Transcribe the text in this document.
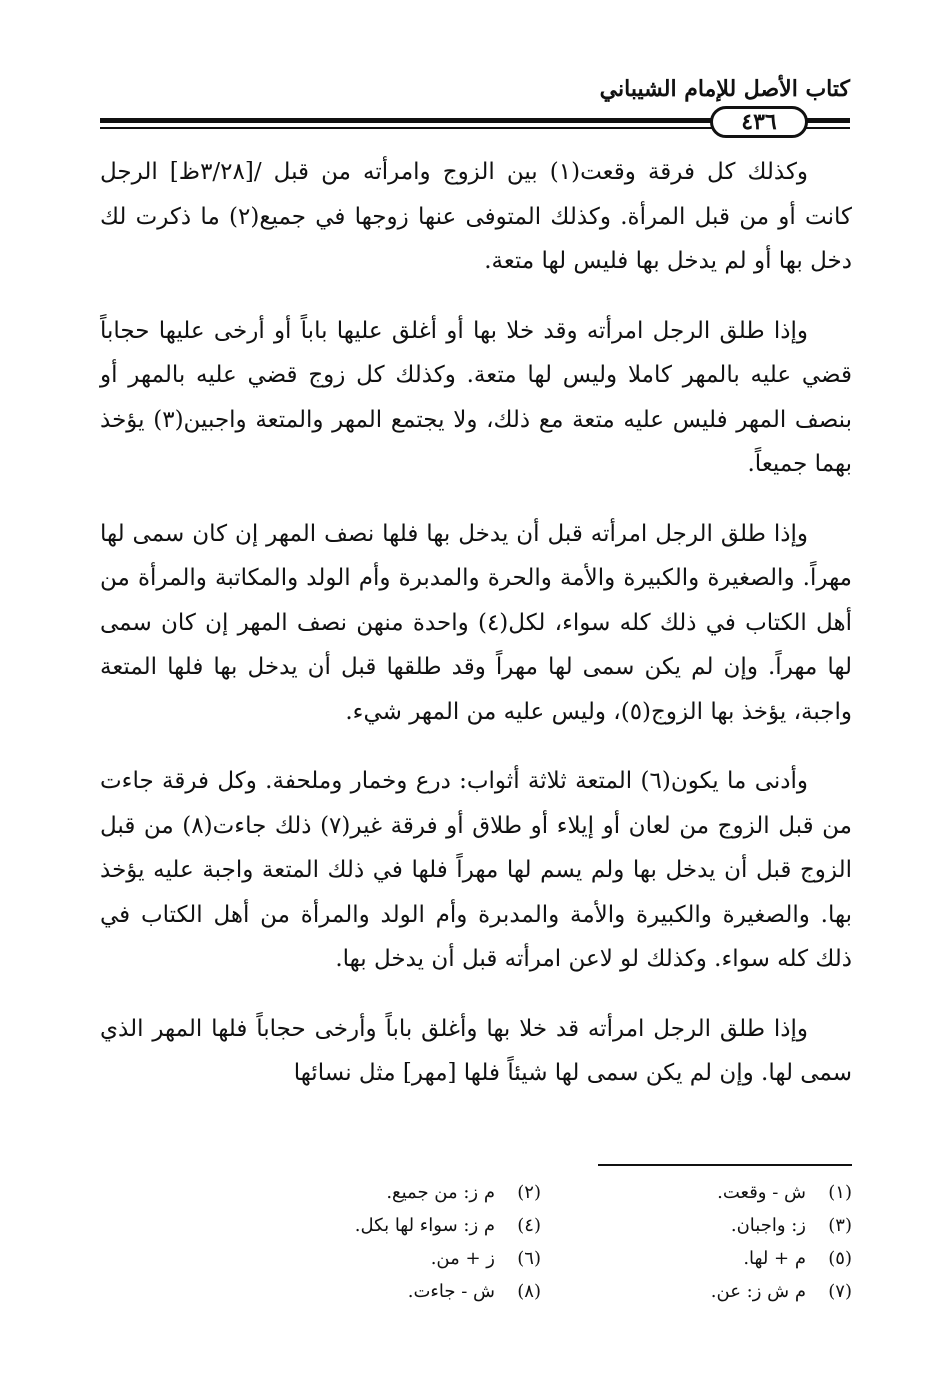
كتاب الأصل للإمام الشيباني
٤٣٦

وكذلك كل فرقة وقعت(١) بين الزوج وامرأته من قبل /[٣/٢٨ظ] الرجل كانت أو من قبل المرأة. وكذلك المتوفى عنها زوجها في جميع(٢) ما ذكرت لك دخل بها أو لم يدخل بها فليس لها متعة.

وإذا طلق الرجل امرأته وقد خلا بها أو أغلق عليها باباً أو أرخى عليها حجاباً قضي عليه بالمهر كاملا وليس لها متعة. وكذلك كل زوج قضي عليه بالمهر أو بنصف المهر فليس عليه متعة مع ذلك، ولا يجتمع المهر والمتعة واجبين(٣) يؤخذ بهما جميعاً.

وإذا طلق الرجل امرأته قبل أن يدخل بها فلها نصف المهر إن كان سمى لها مهراً. والصغيرة والكبيرة والأمة والحرة والمدبرة وأم الولد والمكاتبة والمرأة من أهل الكتاب في ذلك كله سواء، لكل(٤) واحدة منهن نصف المهر إن كان سمى لها مهراً. وإن لم يكن سمى لها مهراً وقد طلقها قبل أن يدخل بها فلها المتعة واجبة، يؤخذ بها الزوج(٥)، وليس عليه من المهر شيء.

وأدنى ما يكون(٦) المتعة ثلاثة أثواب: درع وخمار وملحفة. وكل فرقة جاءت من قبل الزوج من لعان أو إيلاء أو طلاق أو فرقة غير(٧) ذلك جاءت(٨) من قبل الزوج قبل أن يدخل بها ولم يسم لها مهراً فلها في ذلك المتعة واجبة عليه يؤخذ بها. والصغيرة والكبيرة والأمة والمدبرة وأم الولد والمرأة من أهل الكتاب في ذلك كله سواء. وكذلك لو لاعن امرأته قبل أن يدخل بها.

وإذا طلق الرجل امرأته قد خلا بها وأغلق باباً وأرخى حجاباً فلها المهر الذي سمى لها. وإن لم يكن سمى لها شيئاً فلها [مهر] مثل نسائها

(١)ش - وقعت.
(٢)م ز: من جميع.
(٣)ز: واجبان.
(٤)م ز: سواء لها بكل.
(٥)م + لها.
(٦)ز + من.
(٧)م ش ز: عن.
(٨)ش - جاءت.
